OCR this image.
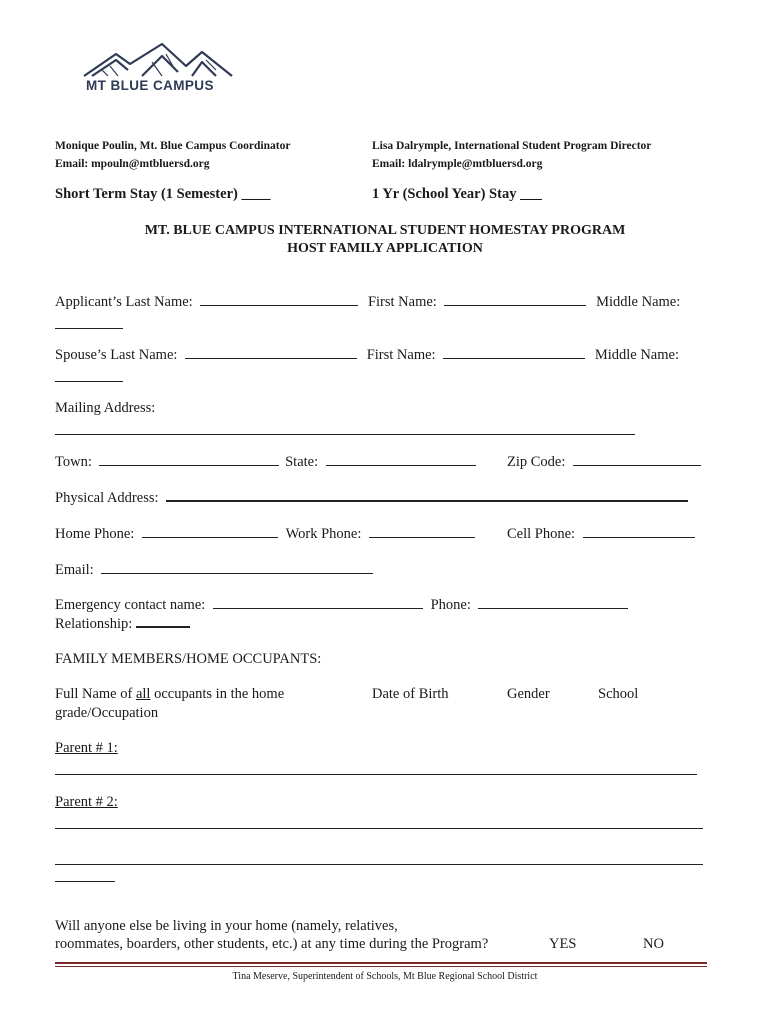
MT BLUE CAMPUS
Monique Poulin, Mt. Blue Campus Coordinator
Email: mpouln@mtbluersd.org
Lisa Dalrymple, International Student Program Director
Email: ldalrymple@mtbluersd.org
Short Term Stay (1 Semester) ____	1 Yr (School Year) Stay ___
MT. BLUE CAMPUS INTERNATIONAL STUDENT HOMESTAY PROGRAM
HOST FAMILY APPLICATION
Applicant’s Last Name:	First Name:	Middle Name:
Spouse’s Last Name:	First Name:	Middle Name:
Mailing Address:
Town:	State:	Zip Code:
Physical Address:
Home Phone:	Work Phone:	Cell Phone:
Email:
Emergency contact name:	Phone:
Relationship:
FAMILY MEMBERS/HOME OCCUPANTS:
Full Name of all occupants in the home
grade/Occupation
Date of Birth	Gender	School
Parent # 1:
Parent # 2:
Will anyone else be living in your home (namely, relatives,
roommates, boarders, other students, etc.) at any time during the Program?	YES	NO
Tina Meserve, Superintendent of Schools, Mt Blue Regional School District
